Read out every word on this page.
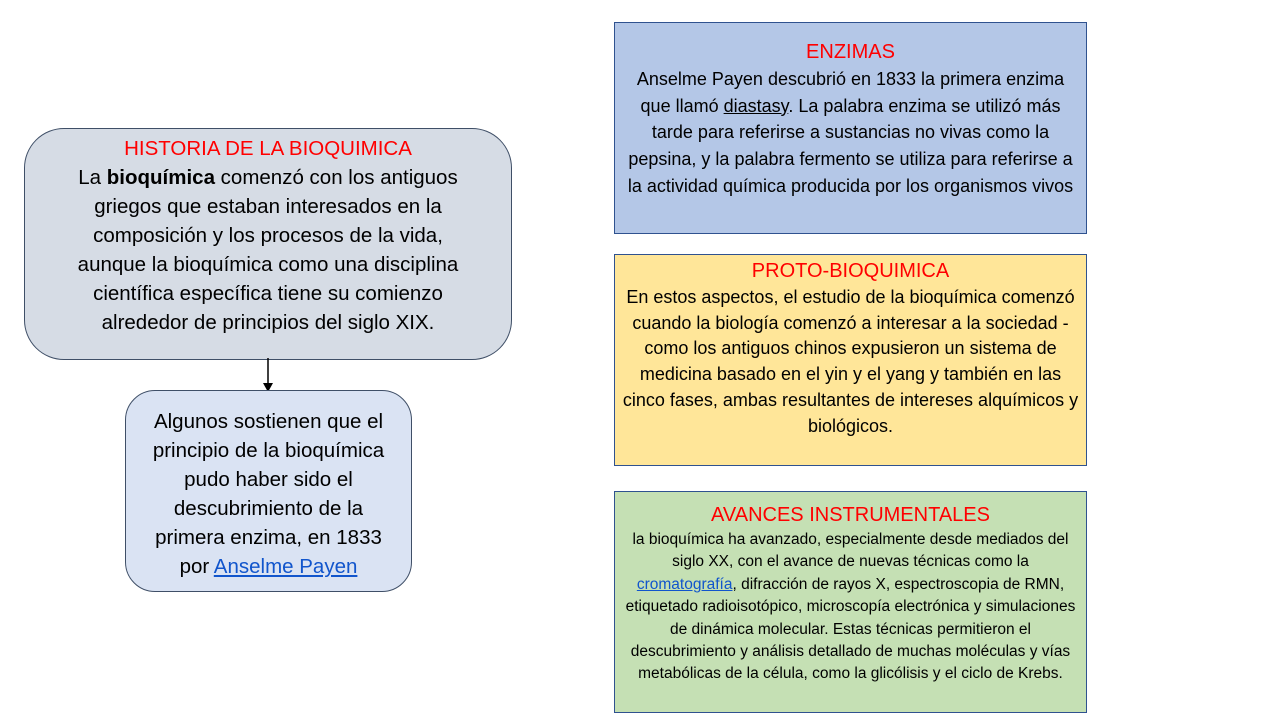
HISTORIA DE LA BIOQUIMICA
La bioquímica comenzó con los antiguos griegos que estaban interesados en la composición y los procesos de la vida, aunque la bioquímica como una disciplina científica específica tiene su comienzo alrededor de principios del siglo XIX.
Algunos sostienen que el principio de la bioquímica pudo haber sido el descubrimiento de la primera enzima, en 1833 por Anselme Payen
ENZIMAS
Anselme Payen descubrió en 1833 la primera enzima que llamó diastasy. La palabra enzima se utilizó más tarde para referirse a sustancias no vivas como la pepsina, y la palabra fermento se utiliza para referirse a la actividad química producida por los organismos vivos
PROTO-BIOQUIMICA
En estos aspectos, el estudio de la bioquímica comenzó cuando la biología comenzó a interesar a la sociedad -como los antiguos chinos expusieron un sistema de medicina basado en el yin y el yang y también en las cinco fases, ambas resultantes de intereses alquímicos y biológicos.
AVANCES INSTRUMENTALES
la bioquímica ha avanzado, especialmente desde mediados del siglo XX, con el avance de nuevas técnicas como la cromatografía, difracción de rayos X, espectroscopia de RMN, etiquetado radioisotópico, microscopía electrónica y simulaciones de dinámica molecular. Estas técnicas permitieron el descubrimiento y análisis detallado de muchas moléculas y vías metabólicas de la célula, como la glicólisis y el ciclo de Krebs.
